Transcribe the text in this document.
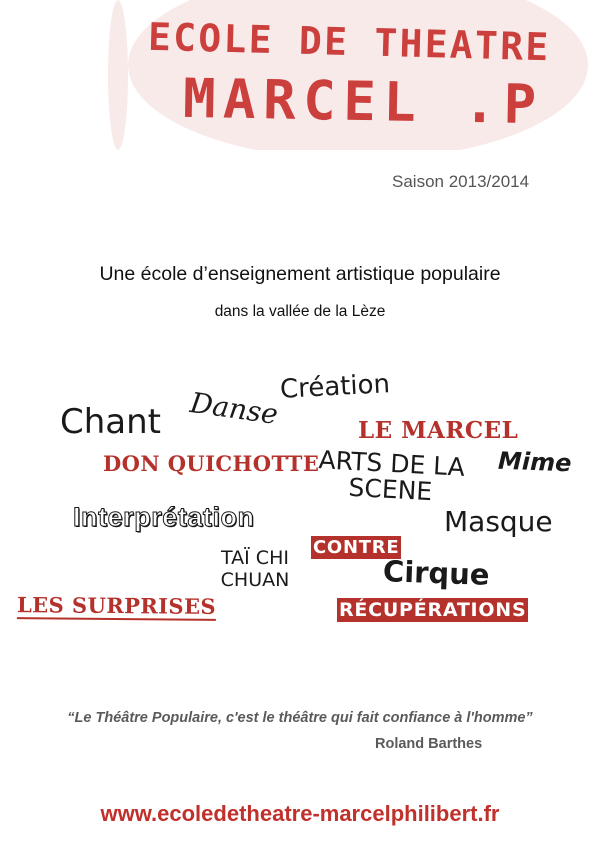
ECOLE DE THEATRE
MARCEL .P
Saison 2013/2014
Une école d’enseignement artistique populaire
dans la vallée de la Lèze
Création
Chant Danse	LE MARCEL
DON QUICHOTTE
ARTS DE LA SCENE
Mime
Interprétation	Masque
CONTRE
TAÏ CHI CHUAN	Cirque
LES SURPRISES	RÉCUPÉRATIONS
“Le Théâtre Populaire, c'est le théâtre qui fait confiance à l'homme”
Roland Barthes
www.ecoledetheatre-marcelphilibert.fr
